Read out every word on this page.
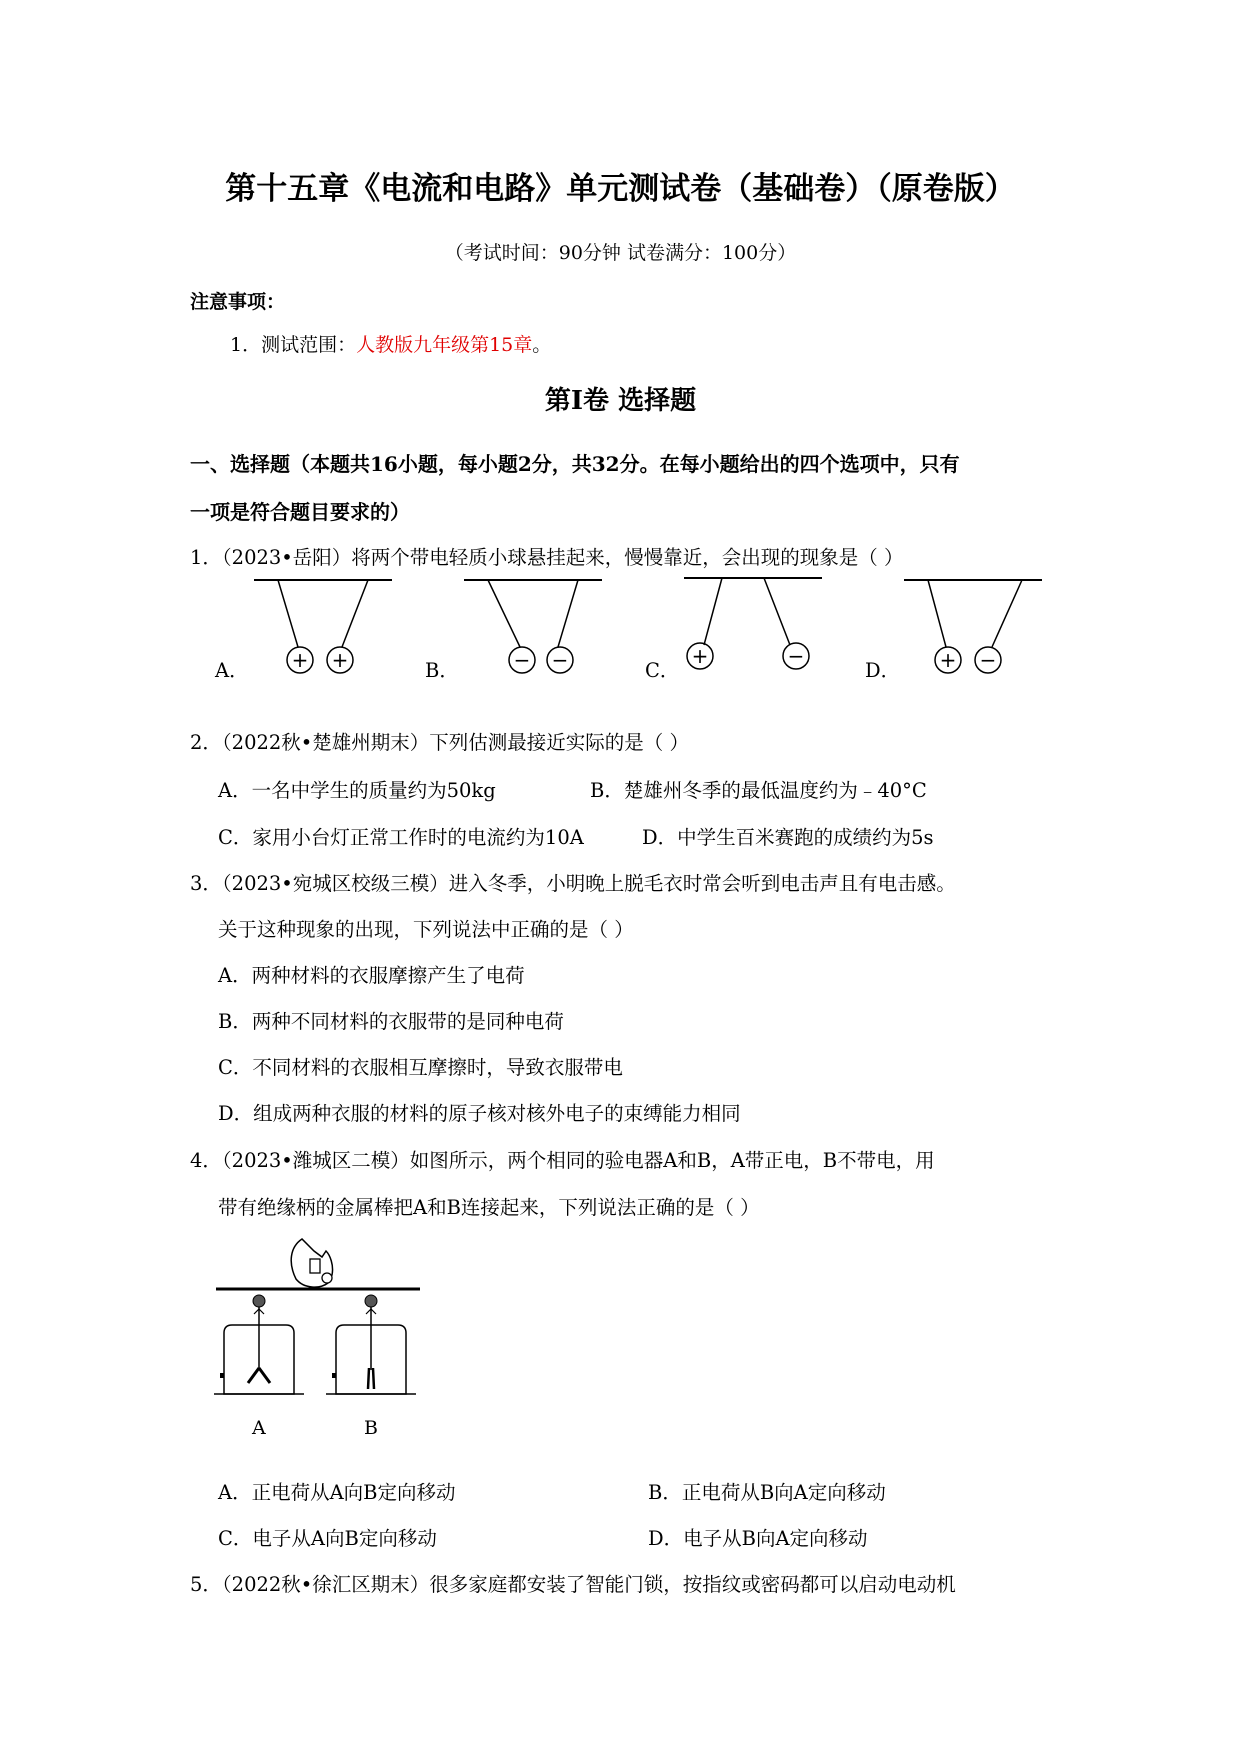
第十五章《电流和电路》单元测试卷（基础卷）（原卷版）
（考试时间：90分钟 试卷满分：100分）
注意事项：
1．测试范围：人教版九年级第15章。
第Ⅰ卷 选择题
一、选择题（本题共16小题，每小题2分，共32分。在每小题给出的四个选项中，只有
一项是符合题目要求的）
1．（2023•岳阳）将两个带电轻质小球悬挂起来，慢慢靠近，会出现的现象是（ ）
A． + +	B．	− −	C．
+	−
D． + −
2．（2022秋•楚雄州期末）下列估测最接近实际的是（ ）
A．一名中学生的质量约为50kg	B．楚雄州冬季的最低温度约为﹣40°C
C．家用小台灯正常工作时的电流约为10A	D．中学生百米赛跑的成绩约为5s
3．（2023•宛城区校级三模）进入冬季，小明晚上脱毛衣时常会听到电击声且有电击感。
关于这种现象的出现，下列说法中正确的是（ ）
A．两种材料的衣服摩擦产生了电荷
B．两种不同材料的衣服带的是同种电荷
C．不同材料的衣服相互摩擦时，导致衣服带电
D．组成两种衣服的材料的原子核对核外电子的束缚能力相同
4．（2023•潍城区二模）如图所示，两个相同的验电器A和B，A带正电，B不带电，用
带有绝缘柄的金属棒把A和B连接起来，下列说法正确的是（ ）
A	B
A．正电荷从A向B定向移动	B．正电荷从B向A定向移动
C．电子从A向B定向移动	D．电子从B向A定向移动
5．（2022秋•徐汇区期末）很多家庭都安装了智能门锁，按指纹或密码都可以启动电动机
